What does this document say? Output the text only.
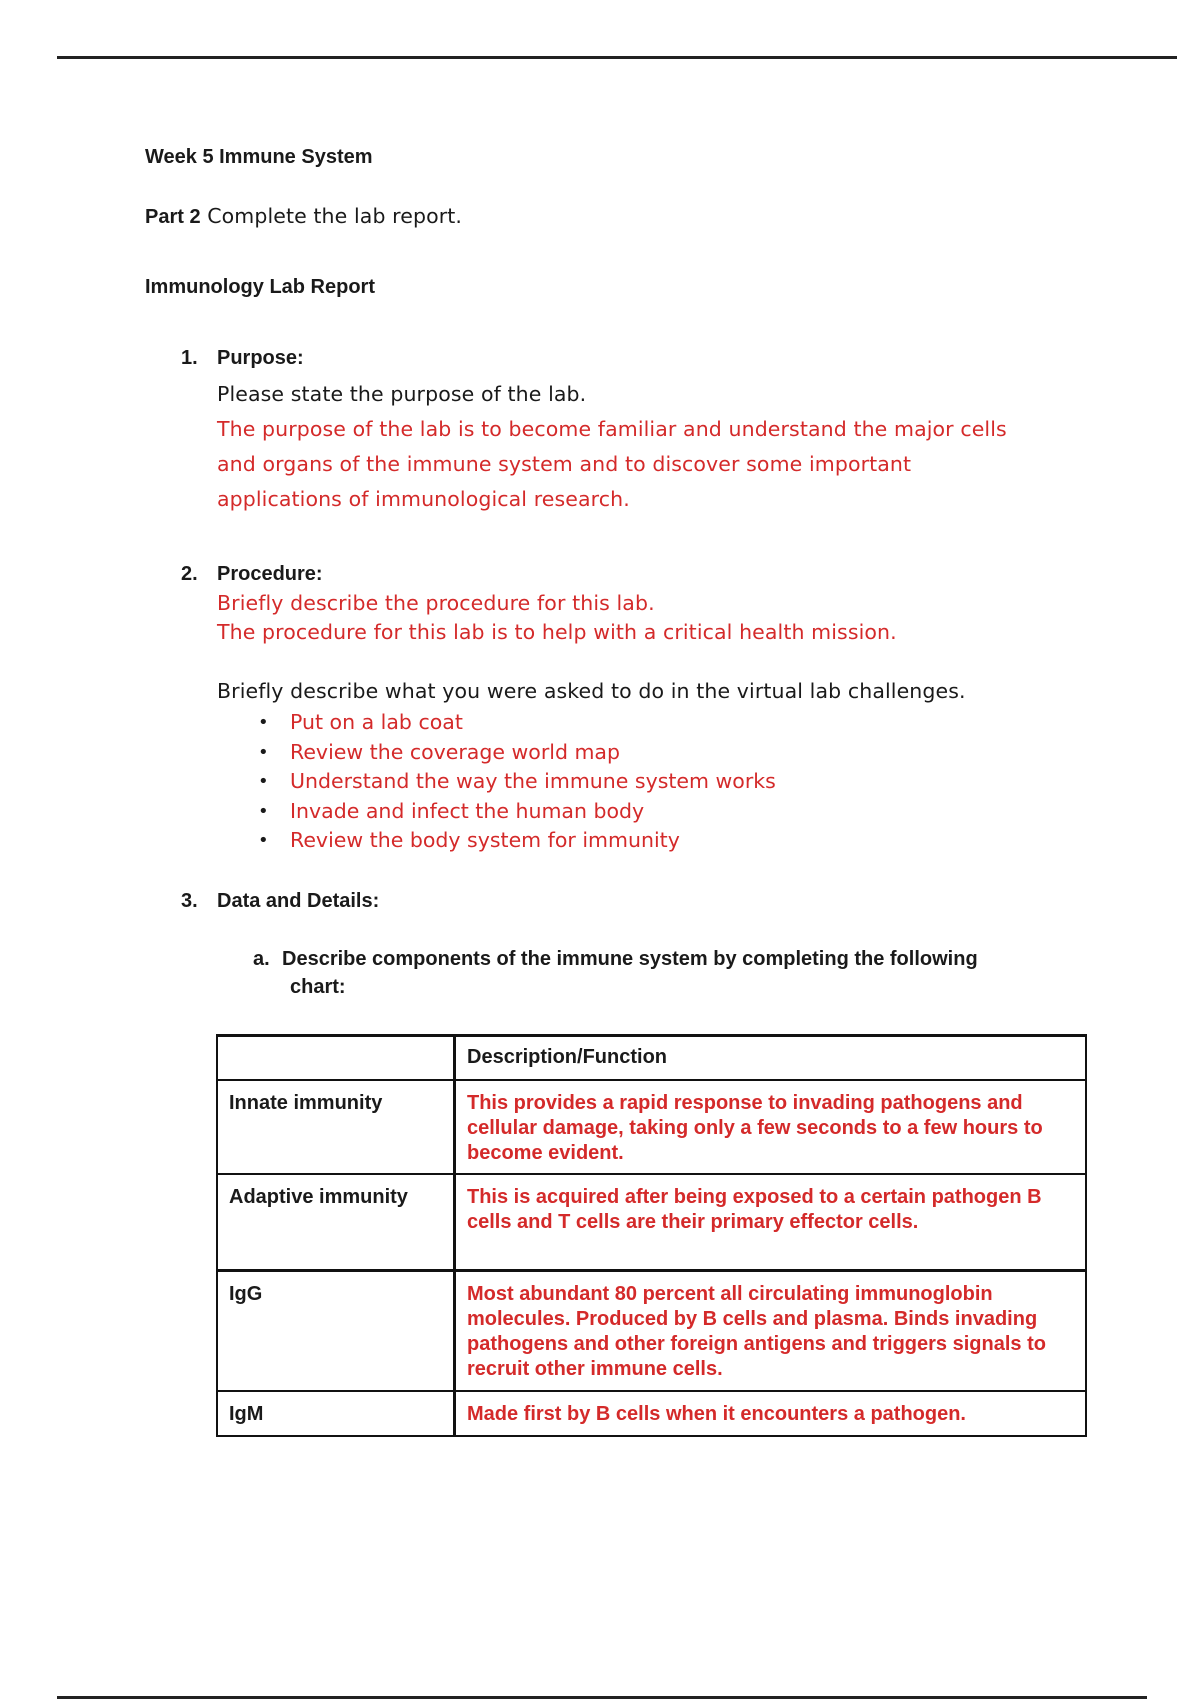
Week 5 Immune System
Part 2 Complete the lab report.
Immunology Lab Report
1. Purpose:
Please state the purpose of the lab.
The purpose of the lab is to become familiar and understand the major cells
and organs of the immune system and to discover some important
applications of immunological research.
2. Procedure:
Briefly describe the procedure for this lab.
The procedure for this lab is to help with a critical health mission.
Briefly describe what you were asked to do in the virtual lab challenges.
• Put on a lab coat
• Review the coverage world map
• Understand the way the immune system works
• Invade and infect the human body
• Review the body system for immunity
3. Data and Details:
a. Describe components of the immune system by completing the following
chart:
	Description/Function
Innate immunity	This provides a rapid response to invading pathogens and cellular damage, taking only a few seconds to a few hours to become evident.
Adaptive immunity	This is acquired after being exposed to a certain pathogen B cells and T cells are their primary effector cells.
IgG	Most abundant 80 percent all circulating immunoglobin molecules. Produced by B cells and plasma. Binds invading pathogens and other foreign antigens and triggers signals to recruit other immune cells.
IgM	Made first by B cells when it encounters a pathogen.
